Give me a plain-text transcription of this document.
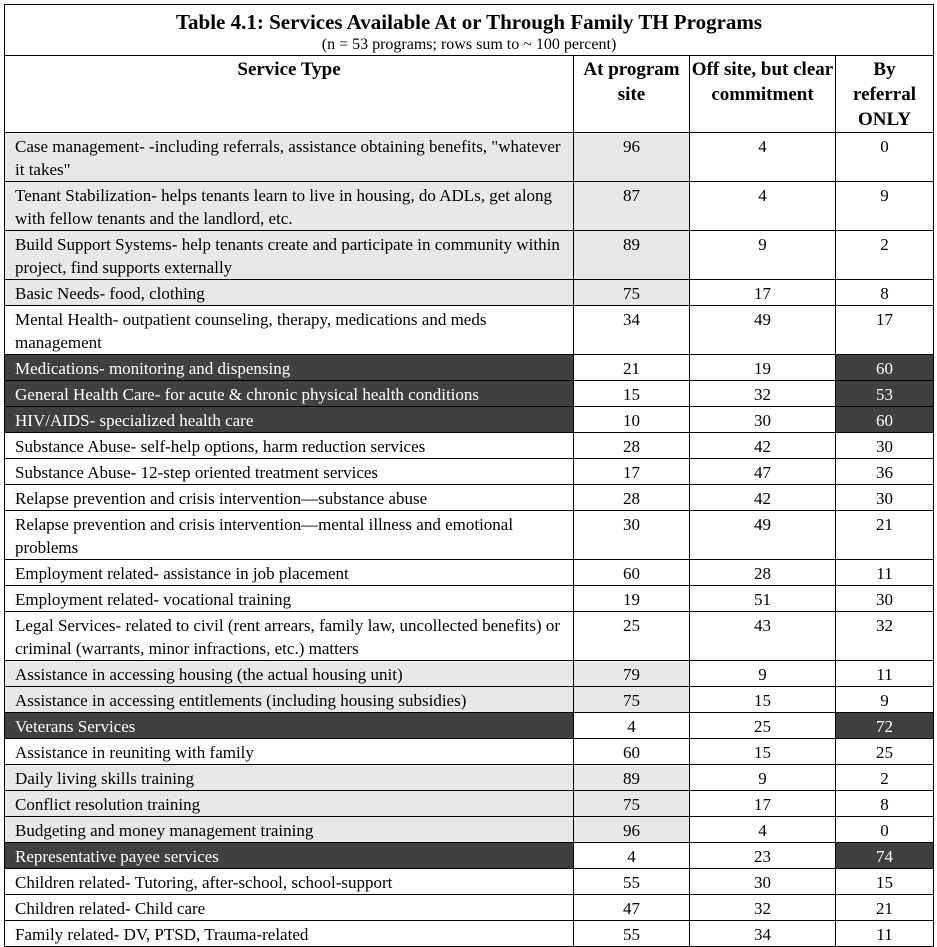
Table 4.1: Services Available At or Through Family TH Programs
(n = 53 programs; rows sum to ~ 100 percent)			

Service Type	At program site	Off site, but clear commitment	By referral ONLY
Case management- -including referrals, assistance obtaining benefits, "whatever it takes"	96	4	0
Tenant Stabilization- helps tenants learn to live in housing, do ADLs, get along with fellow tenants and the landlord, etc.	87	4	9
Build Support Systems- help tenants create and participate in community within project, find supports externally	89	9	2
Basic Needs- food, clothing	75	17	8
Mental Health- outpatient counseling, therapy, medications and meds management	34	49	17
Medications- monitoring and dispensing	21	19	60
General Health Care- for acute & chronic physical health conditions	15	32	53
HIV/AIDS- specialized health care	10	30	60
Substance Abuse- self-help options, harm reduction services	28	42	30
Substance Abuse- 12-step oriented treatment services	17	47	36
Relapse prevention and crisis intervention—substance abuse	28	42	30
Relapse prevention and crisis intervention—mental illness and emotional problems	30	49	21
Employment related- assistance in job placement	60	28	11
Employment related- vocational training	19	51	30
Legal Services- related to civil (rent arrears, family law, uncollected benefits) or criminal (warrants, minor infractions, etc.) matters	25	43	32
Assistance in accessing housing (the actual housing unit)	79	9	11
Assistance in accessing entitlements (including housing subsidies)	75	15	9
Veterans Services	4	25	72
Assistance in reuniting with family	60	15	25
Daily living skills training	89	9	2
Conflict resolution training	75	17	8
Budgeting and money management training	96	4	0
Representative payee services	4	23	74
Children related- Tutoring, after-school, school-support	55	30	15
Children related- Child care	47	32	21
Family related- DV, PTSD, Trauma-related	55	34	11
